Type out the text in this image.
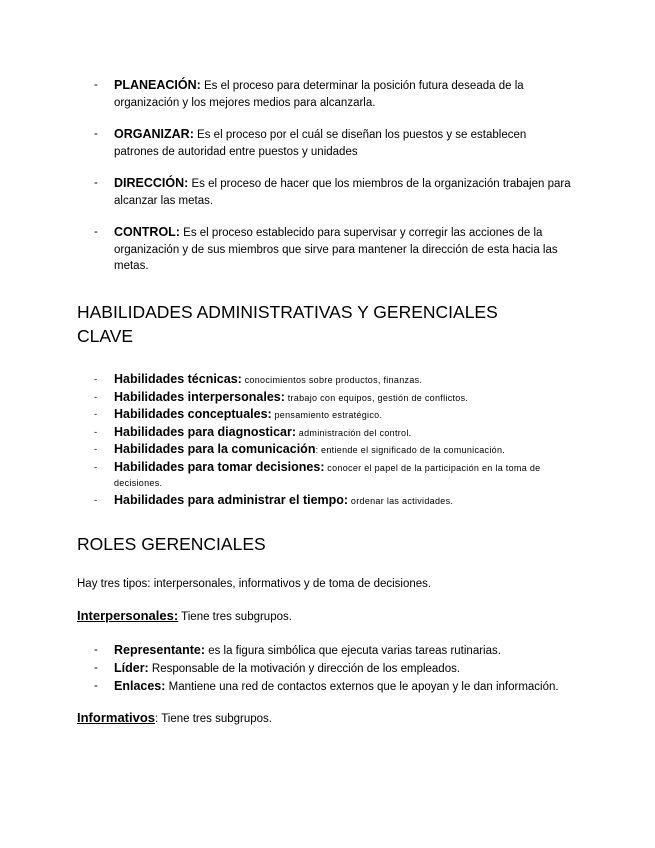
- PLANEACIÓN: Es el proceso para determinar la posición futura deseada de la organización y los mejores medios para alcanzarla.
- ORGANIZAR: Es el proceso por el cuál se diseñan los puestos y se establecen patrones de autoridad entre puestos y unidades
- DIRECCIÓN: Es el proceso de hacer que los miembros de la organización trabajen para alcanzar las metas.
- CONTROL: Es el proceso establecido para supervisar y corregir las acciones de la organización y de sus miembros que sirve para mantener la dirección de esta hacia las metas.
HABILIDADES ADMINISTRATIVAS Y GERENCIALES CLAVE
- Habilidades técnicas: conocimientos sobre productos, finanzas.
- Habilidades interpersonales: trabajo con equipos, gestión de conflictos.
- Habilidades conceptuales: pensamiento estratégico.
- Habilidades para diagnosticar: administración del control.
- Habilidades para la comunicación: entiende el significado de la comunicación.
- Habilidades para tomar decisiones: conocer el papel de la participación en la toma de decisiones.
- Habilidades para administrar el tiempo: ordenar las actividades.
ROLES GERENCIALES
Hay tres tipos: interpersonales, informativos y de toma de decisiones.
Interpersonales: Tiene tres subgrupos.
- Representante: es la figura simbólica que ejecuta varias tareas rutinarias.
- Líder: Responsable de la motivación y dirección de los empleados.
- Enlaces: Mantiene una red de contactos externos que le apoyan y le dan información.
Informativos: Tiene tres subgrupos.
